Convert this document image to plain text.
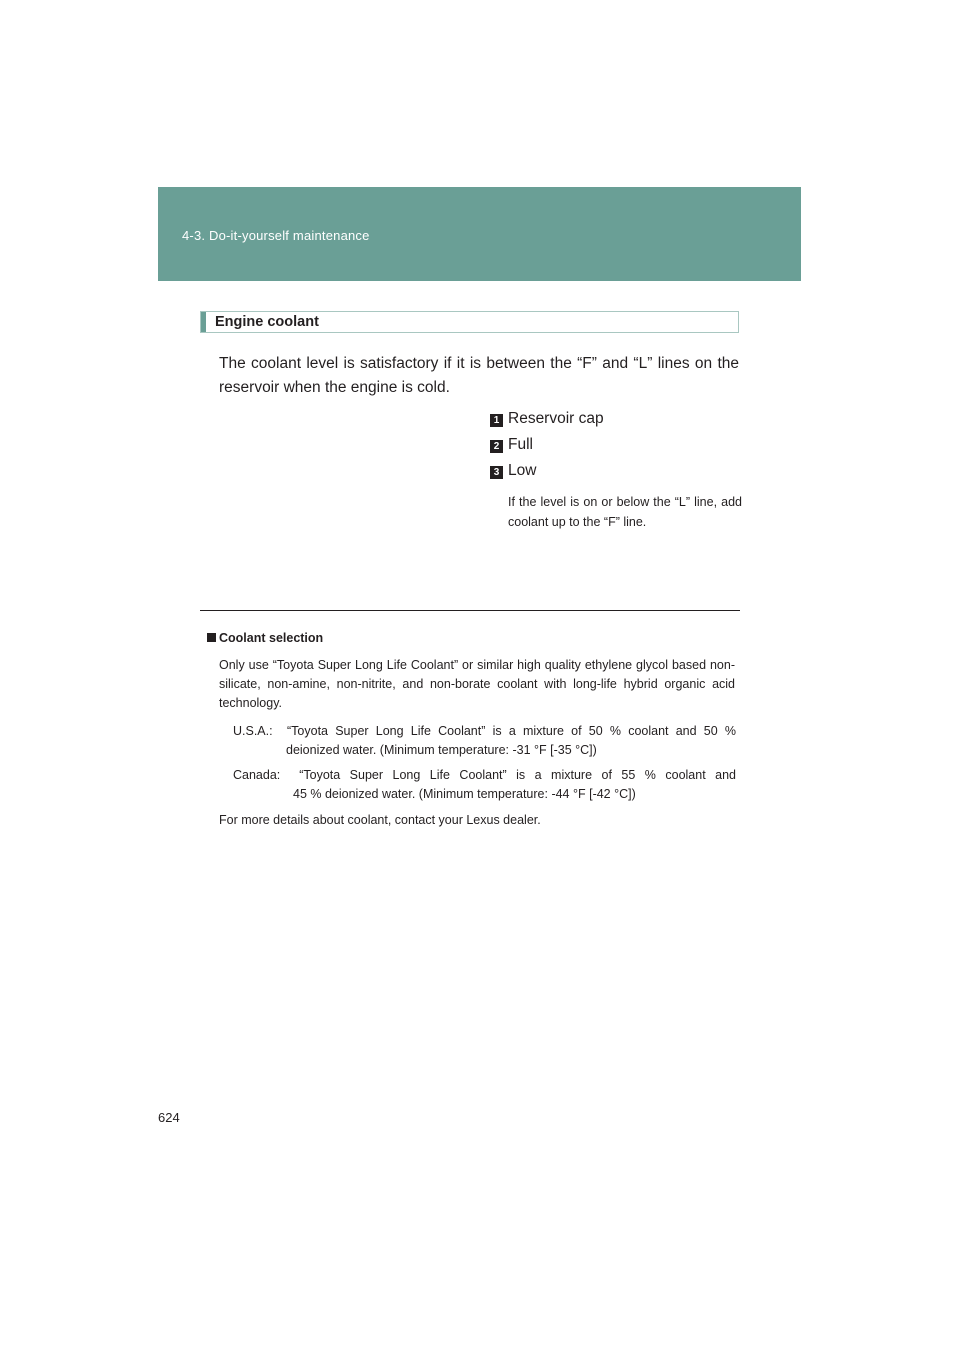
4-3. Do-it-yourself maintenance
Engine coolant
The coolant level is satisfactory if it is between the “F” and “L” lines on the reservoir when the engine is cold.
1 Reservoir cap
2 Full
3 Low
If the level is on or below the “L” line, add coolant up to the “F” line.
Coolant selection
Only use “Toyota Super Long Life Coolant” or similar high quality ethylene glycol based non-silicate, non-amine, non-nitrite, and non-borate coolant with long-life hybrid organic acid technology.
U.S.A.: “Toyota Super Long Life Coolant” is a mixture of 50 % coolant and 50 %
deionized water. (Minimum temperature: -31 °F [-35 °C])
Canada: “Toyota Super Long Life Coolant” is a mixture of 55 % coolant and
45 % deionized water. (Minimum temperature: -44 °F [-42 °C])
For more details about coolant, contact your Lexus dealer.
624
